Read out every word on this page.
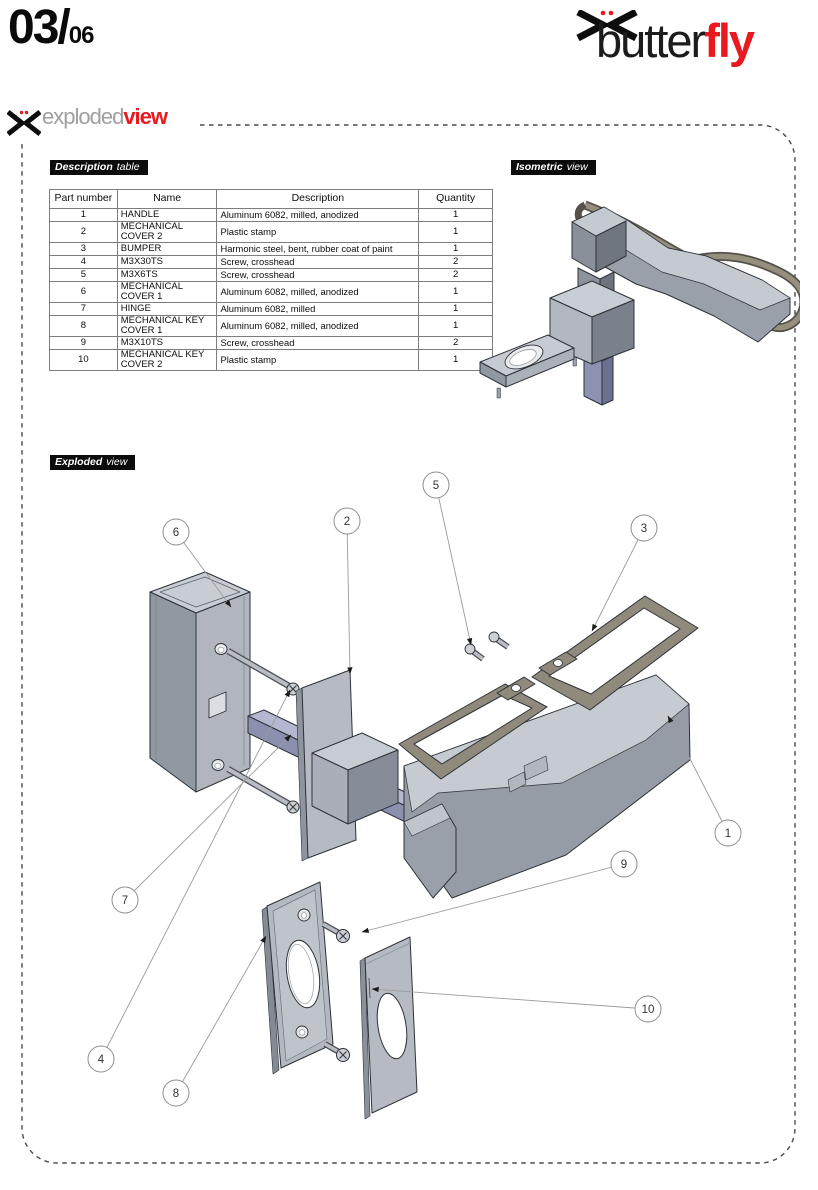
03/06	butterfly
explodedview
Description table	Isometric view
Exploded view
Part number	Name	Description	Quantity
1	HANDLE	Aluminum 6082, milled, anodized	1
2	MECHANICAL COVER 2	Plastic stamp	1
3	BUMPER	Harmonic steel, bent, rubber coat of paint	1
4	M3X30TS	Screw, crosshead	2
5	M3X6TS	Screw, crosshead	2
6	MECHANICAL COVER 1	Aluminum 6082, milled, anodized	1
7	HINGE	Aluminum 6082, milled	1
8	MECHANICAL KEY COVER 1	Aluminum 6082, milled, anodized	1
9	M3X10TS	Screw, crosshead	2
10	MECHANICAL KEY COVER 2	Plastic stamp	1
1
2
3
4
5
6
7
8
9
10
